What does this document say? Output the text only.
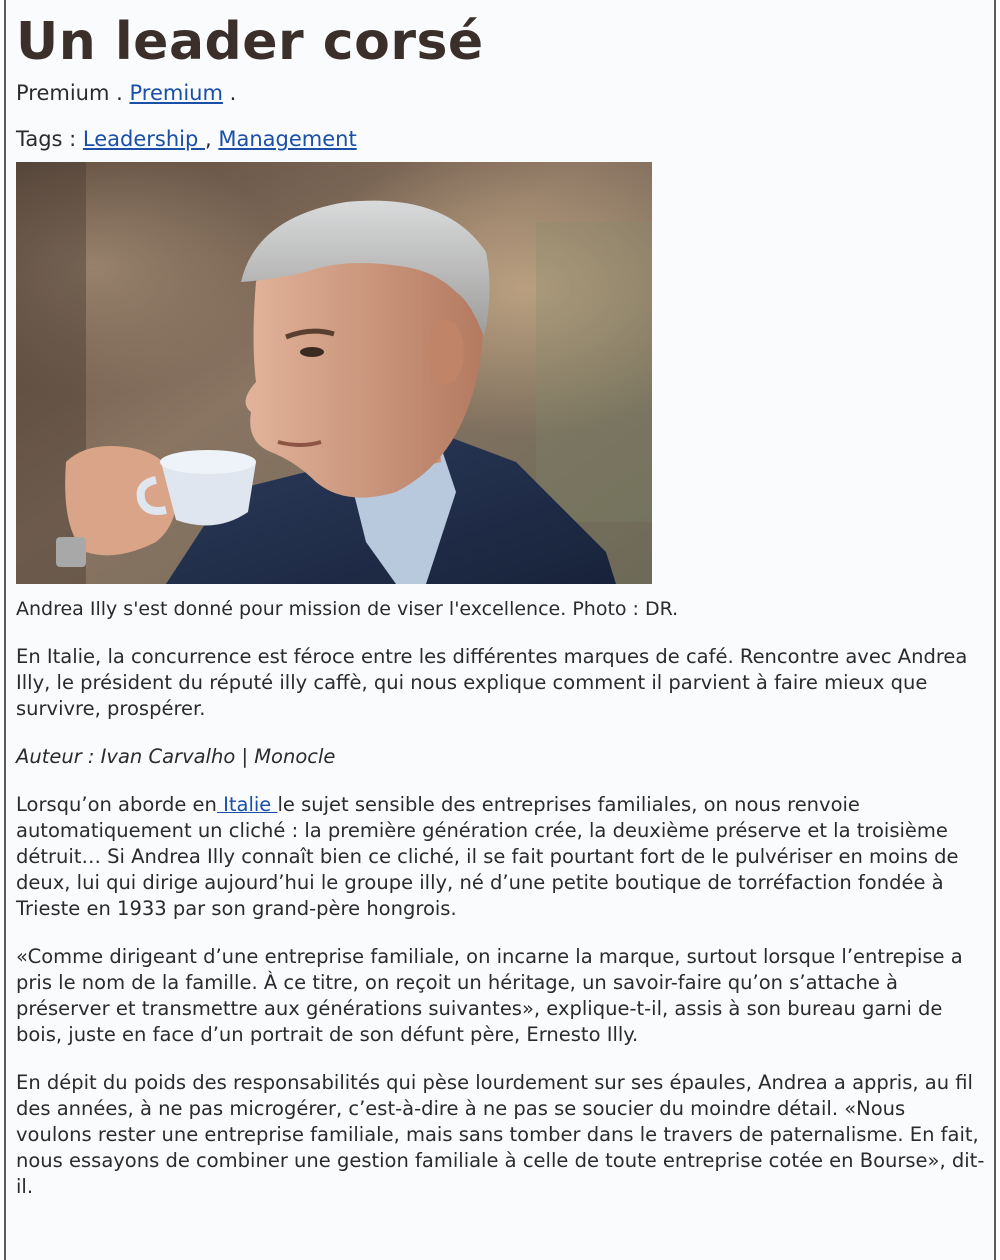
Un leader corsé
Premium . Premium .
Tags : Leadership , Management

Andrea Illy s'est donné pour mission de viser l'excellence. Photo : DR.

En Italie, la concurrence est féroce entre les différentes marques de café. Rencontre avec Andrea Illy, le président du réputé illy caffè, qui nous explique comment il parvient à faire mieux que survivre, prospérer.

Auteur : Ivan Carvalho | Monocle

Lorsqu’on aborde en Italie le sujet sensible des entreprises familiales, on nous renvoie automatiquement un cliché : la première génération crée, la deuxième préserve et la troisième détruit… Si Andrea Illy connaît bien ce cliché, il se fait pourtant fort de le pulvériser en moins de deux, lui qui dirige aujourd’hui le groupe illy, né d’une petite boutique de torréfaction fondée à Trieste en 1933 par son grand-père hongrois.

«Comme dirigeant d’une entreprise familiale, on incarne la marque, surtout lorsque l’entrepise a pris le nom de la famille. À ce titre, on reçoit un héritage, un savoir-faire qu’on s’attache à préserver et transmettre aux générations suivantes», explique-t-il, assis à son bureau garni de bois, juste en face d’un portrait de son défunt père, Ernesto Illy.

En dépit du poids des responsabilités qui pèse lourdement sur ses épaules, Andrea a appris, au fil des années, à ne pas microgérer, c’est-à-dire à ne pas se soucier du moindre détail. «Nous voulons rester une entreprise familiale, mais sans tomber dans le travers de paternalisme. En fait, nous essayons de combiner une gestion familiale à celle de toute entreprise cotée en Bourse», dit-il.
